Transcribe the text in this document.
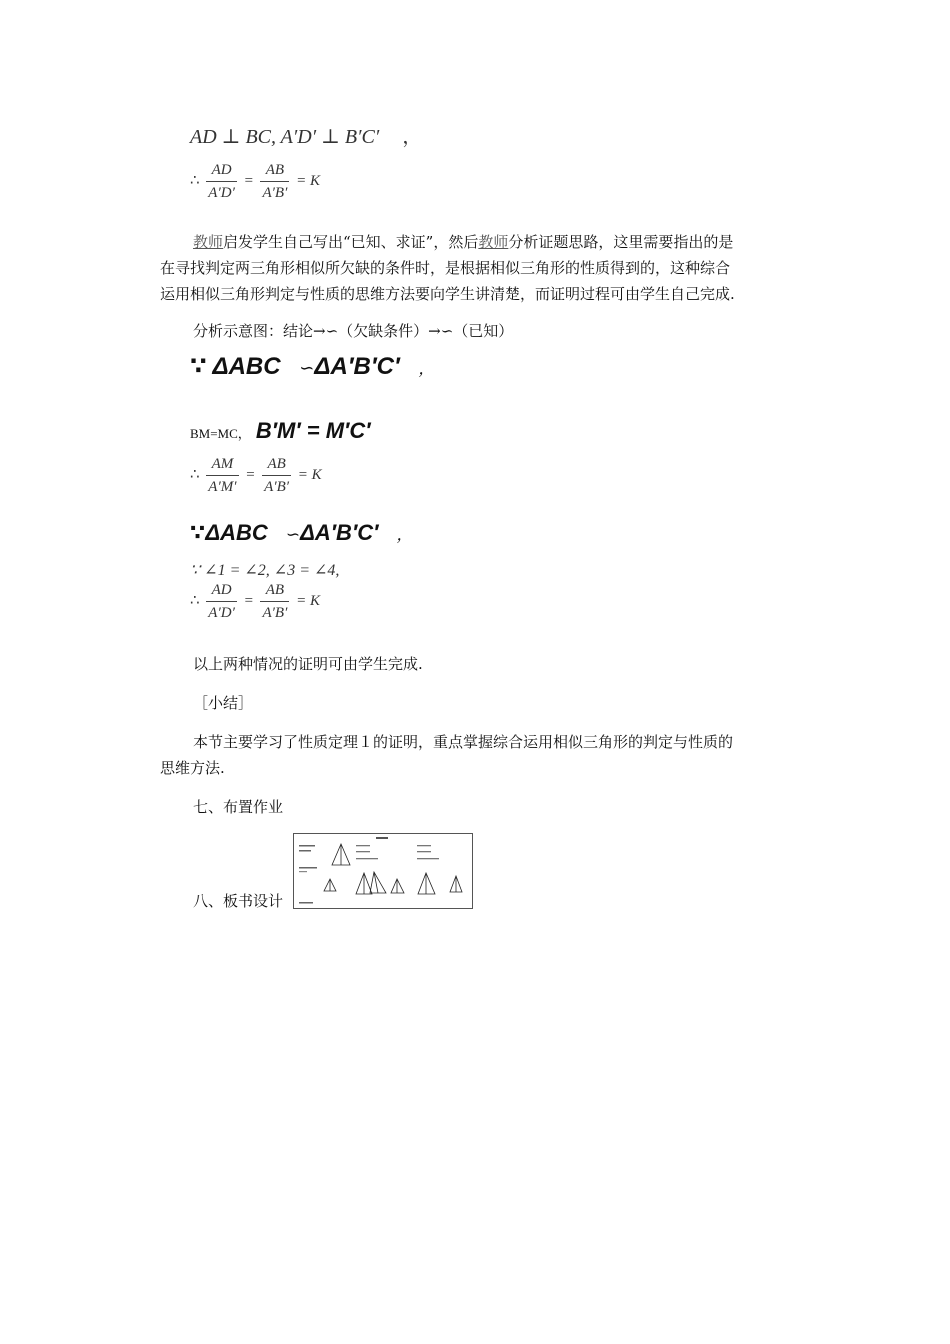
AD ⊥ BC, A′D′ ⊥ B′C′ ，
∴ $\frac{AD}{A'D'} = \frac{AB}{A'B'} = K$
教师启发学生自己写出“已知、求证”，然后教师分析证题思路，这里需要指出的是
在寻找判定两三角形相似所欠缺的条件时，是根据相似三角形的性质得到的，这种综合
运用相似三角形判定与性质的思维方法要向学生讲清楚，而证明过程可由学生自己完成.
分析示意图：结论→∽（欠缺条件）→∽（已知）
∵ ΔABC ∽ΔA′B′C′ ，
BM=MC， B′M′ = M′C′
∴ $\frac{AM}{A'M'} = \frac{AB}{A'B'} = K$
∵ΔABC ∽ΔA′B′C′ ，
∵ ∠1 = ∠2, ∠3 = ∠4,
∴ $\frac{AD}{A'D'} = \frac{AB}{A'B'} = K$
以上两种情况的证明可由学生完成.
［小结］
本节主要学习了性质定理１的证明，重点掌握综合运用相似三角形的判定与性质的
思维方法.
七、布置作业
八、板书设计
